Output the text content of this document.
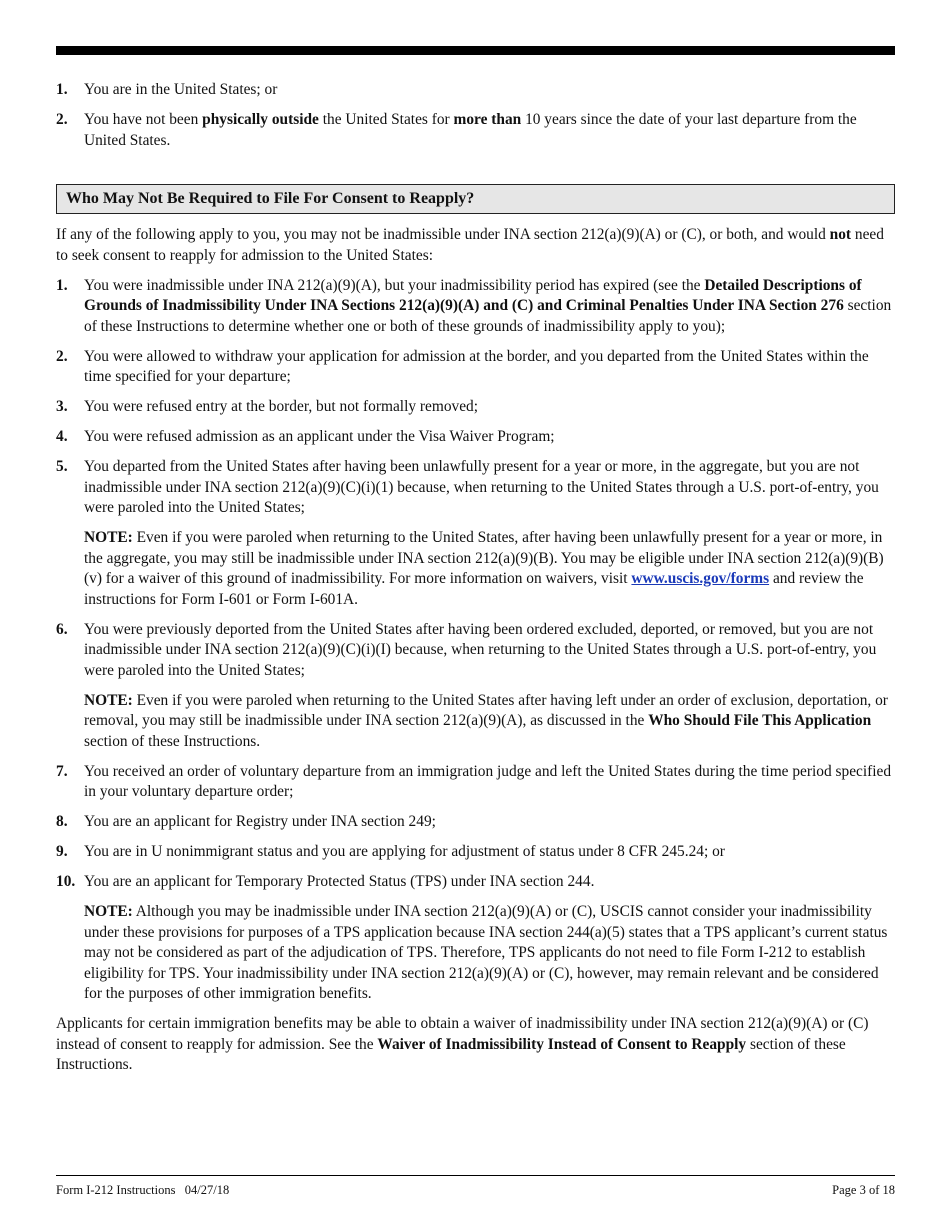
1.	You are in the United States; or

2.	You have not been physically outside the United States for more than 10 years since the date of your last departure from the United States.

Who May Not Be Required to File For Consent to Reapply?

If any of the following apply to you, you may not be inadmissible under INA section 212(a)(9)(A) or (C), or both, and would not need to seek consent to reapply for admission to the United States:

1.	You were inadmissible under INA 212(a)(9)(A), but your inadmissibility period has expired (see the Detailed Descriptions of Grounds of Inadmissibility Under INA Sections 212(a)(9)(A) and (C) and Criminal Penalties Under INA Section 276 section of these Instructions to determine whether one or both of these grounds of inadmissibility apply to you);

2.	You were allowed to withdraw your application for admission at the border, and you departed from the United States within the time specified for your departure;

3.	You were refused entry at the border, but not formally removed;

4.	You were refused admission as an applicant under the Visa Waiver Program;

5.	You departed from the United States after having been unlawfully present for a year or more, in the aggregate, but you are not inadmissible under INA section 212(a)(9)(C)(i)(1) because, when returning to the United States through a U.S. port-of-entry, you were paroled into the United States;

NOTE: Even if you were paroled when returning to the United States, after having been unlawfully present for a year or more, in the aggregate, you may still be inadmissible under INA section 212(a)(9)(B). You may be eligible under INA section 212(a)(9)(B)(v) for a waiver of this ground of inadmissibility. For more information on waivers, visit www.uscis.gov/forms and review the instructions for Form I-601 or Form I-601A.

6.	You were previously deported from the United States after having been ordered excluded, deported, or removed, but you are not inadmissible under INA section 212(a)(9)(C)(i)(I) because, when returning to the United States through a U.S. port-of-entry, you were paroled into the United States;

NOTE: Even if you were paroled when returning to the United States after having left under an order of exclusion, deportation, or removal, you may still be inadmissible under INA section 212(a)(9)(A), as discussed in the Who Should File This Application section of these Instructions.

7.	You received an order of voluntary departure from an immigration judge and left the United States during the time period specified in your voluntary departure order;

8.	You are an applicant for Registry under INA section 249;

9.	You are in U nonimmigrant status and you are applying for adjustment of status under 8 CFR 245.24; or

10. You are an applicant for Temporary Protected Status (TPS) under INA section 244.

NOTE: Although you may be inadmissible under INA section 212(a)(9)(A) or (C), USCIS cannot consider your inadmissibility under these provisions for purposes of a TPS application because INA section 244(a)(5) states that a TPS applicant’s current status may not be considered as part of the adjudication of TPS. Therefore, TPS applicants do not need to file Form I-212 to establish eligibility for TPS. Your inadmissibility under INA section 212(a)(9)(A) or (C), however, may remain relevant and be considered for the purposes of other immigration benefits.

Applicants for certain immigration benefits may be able to obtain a waiver of inadmissibility under INA section 212(a)(9)(A) or (C) instead of consent to reapply for admission. See the Waiver of Inadmissibility Instead of Consent to Reapply section of these Instructions.

Form I-212 Instructions   04/27/18	Page 3 of 18
